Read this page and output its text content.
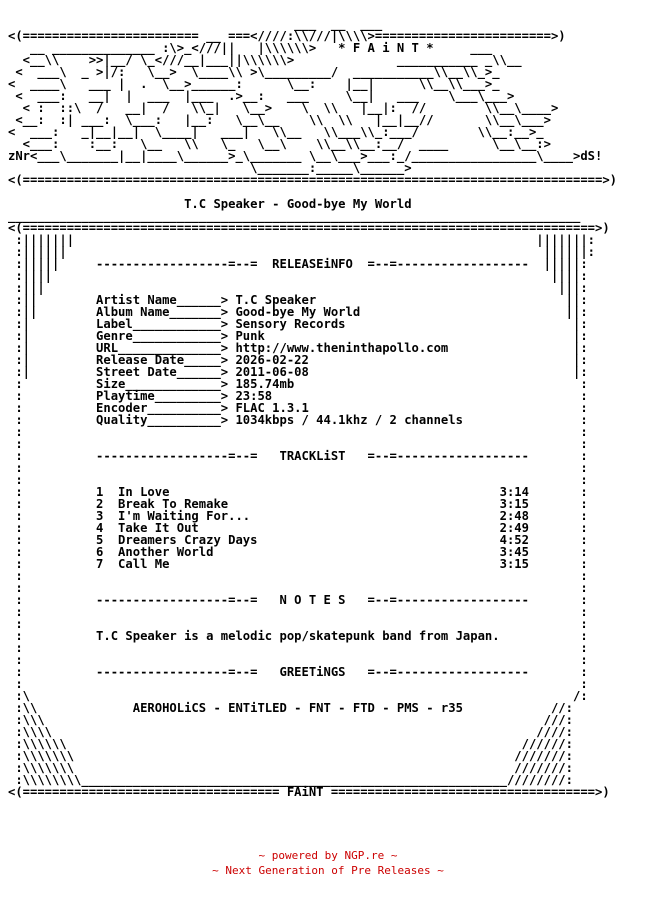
___  __  ___
<(======================== __ ===<////:\\///|\\\\>========================>)
__ ______________ :\>_<///||   |\\\\\\>   * F A i N T *     ___
<__\\    >>|__/ \_<///__|___||\\\\\\>              ___________ _\\__
<  ___\  _ >|/:   \__>  \____\\ >\_________/  ___________\\__\\_>_
<  ____\   ___ |  .  \__>______:      \__:    |__|      \\__\\___>_
<  ___:   __|  |  ___  |___  .>__:   ___     \__|   ___    \___\___>
< :  ::\  /   __|  /   \\_|   \__>    \  \\   |__|:  //        \\__\____>
<__:  :| ___:  \___:   |__:   \__\__    \\  \\   |__|__//       \\__\___>
<  ___:   _|__|__|  \____|   ___|   \\__   \\___\\_:___/        \\__:__>_
<___:    :__:   \__   \\   \_   \__\    \\__\\__:__/  ____      \__\__:>
zNr<___\_______|__|____\______>_\_______ \__\___>___:_/_________________\____>dS!
\_______:_____\______>
<(===============================================================================>)

T.C Speaker - Good-bye My World
______________________________________________________________________________
<(==============================================================================>)
:|||||||                                                               |||||||:
:||||||                                                                 ||||||:
:|||||     ------------------=--=  RELEASEiNFO  =--=------------------  |||||:
:||||                                                                    ||||:
:|||                                                                      |||:
:||        Artist Name______> T.C Speaker                                  ||:
:||        Album Name_______> Good-bye My World                            ||:
:|         Label____________> Sensory Records                               |:
:|         Genre____________> Punk                                          |:
:|         URL______________> http://www.theninthapollo.com                 |:
:|         Release Date_____> 2026-02-22                                    |:
:|         Street Date______> 2011-06-08                                    |:
:          Size_____________> 185.74mb                                       :
:          Playtime_________> 23:58                                          :
:          Encoder__________> FLAC 1.3.1                                     :
:          Quality__________> 1034kbps / 44.1khz / 2 channels                :
:                                                                            :
:                                                                            :
:          ------------------=--=   TRACKLiST   =--=------------------       :
:                                                                            :
:                                                                            :
:          1  In Love                                             3:14       :
:          2  Break To Remake                                     3:15       :
:          3  I'm Waiting For...                                  2:48       :
:          4  Take It Out                                         2:49       :
:          5  Dreamers Crazy Days                                 4:52       :
:          6  Another World                                       3:45       :
:          7  Call Me                                             3:15       :
:                                                                            :
:                                                                            :
:          ------------------=--=   N O T E S   =--=------------------       :
:                                                                            :
:                                                                            :
:          T.C Speaker is a melodic pop/skatepunk band from Japan.           :
:                                                                            :
:                                                                            :
:          ------------------=--=   GREETiNGS   =--=------------------       :
:                                                                            :
:\                                                                          /:
:\\             AEROHOLiCS - ENTiTLED - FNT - FTD - PMS - r35            //:
:\\\                                                                    ///:
:\\\\                                                                  ////:
:\\\\\\                                                              //////:
:\\\\\\\                                                            ///////:
:\\\\\\\                                                            ///////:
:\\\\\\\\__________________________________________________________////////:
<(=================================== FAiNT ====================================>)

~ powered by NGP.re ~
~ Next Generation of Pre Releases ~
